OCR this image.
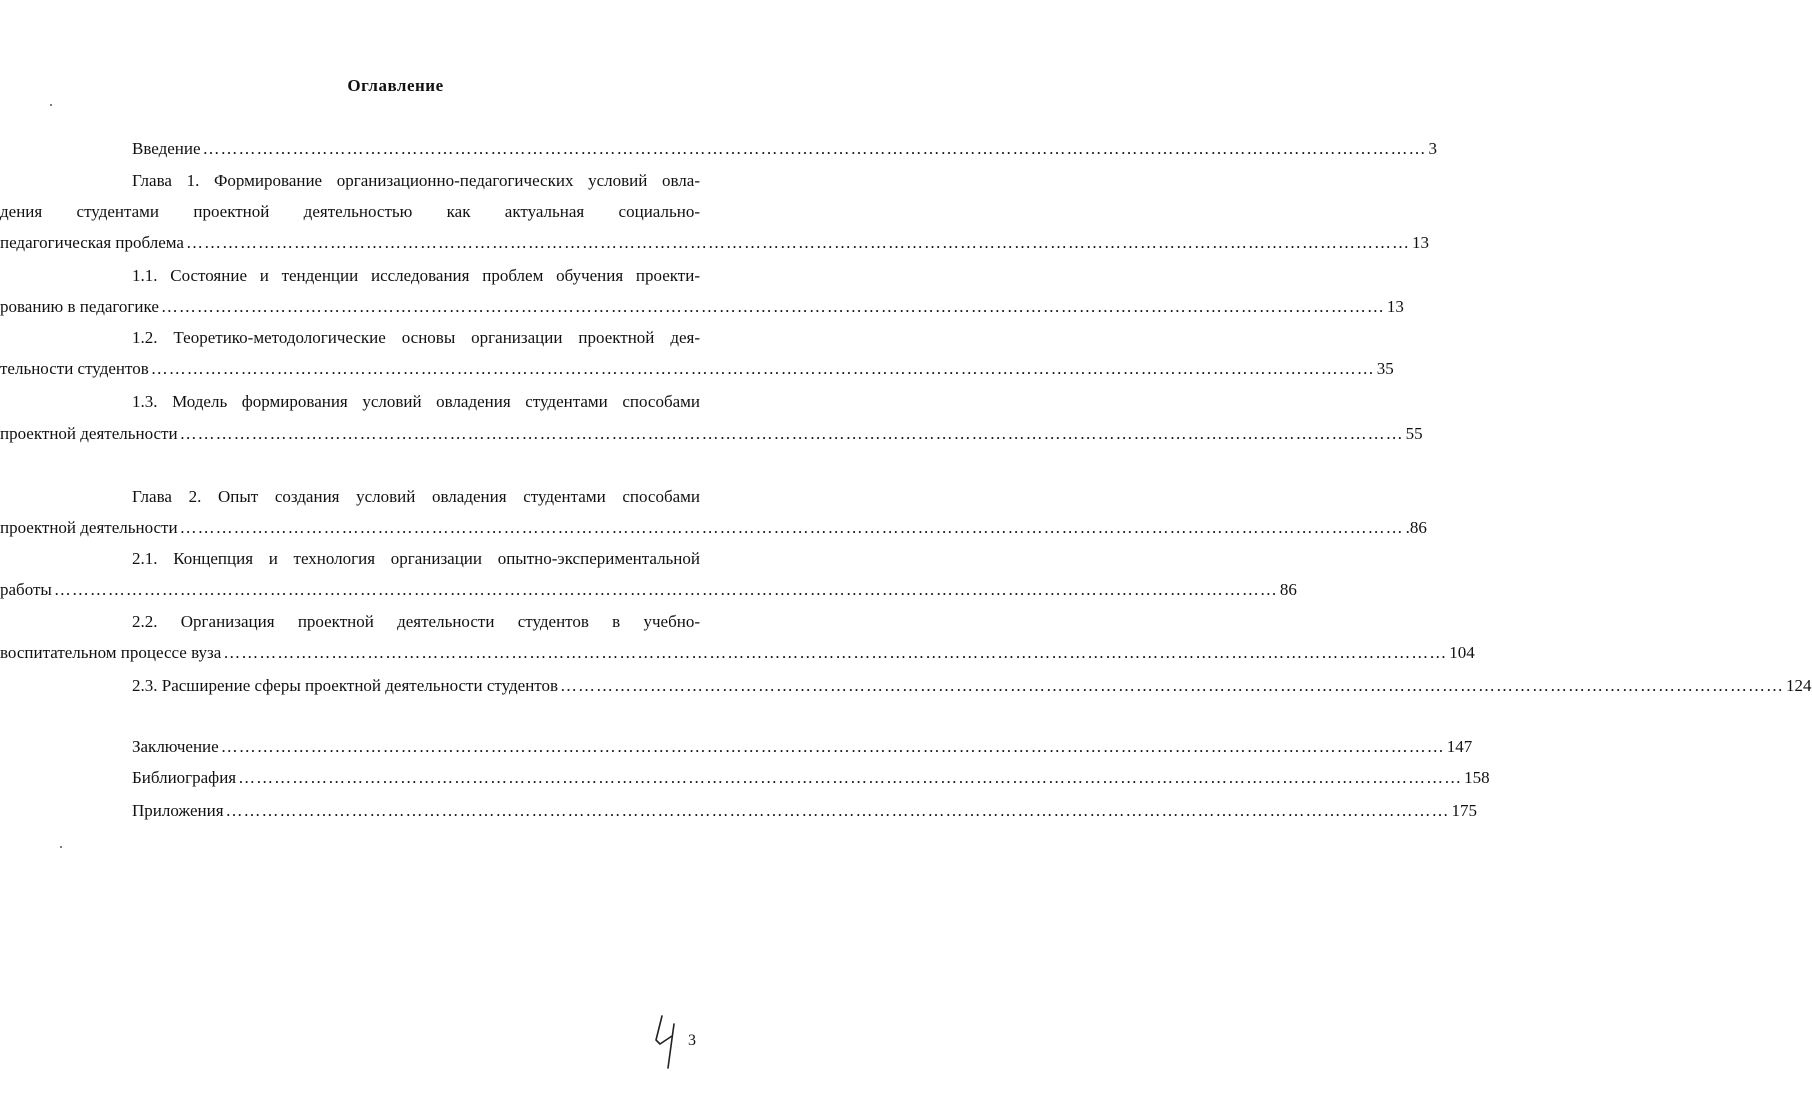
Оглавление
Введение …………………………………………………………………………………………………………………………………………………………………………………… 3
Глава 1. Формирование организационно-педагогических условий овла-
дения студентами проектной деятельностью как актуальная социально-
педагогическая проблема …………………………………………………………………………………………………………………………………………………………………………………… 13
1.1. Состояние и тенденции исследования проблем обучения проекти-
рованию в педагогике …………………………………………………………………………………………………………………………………………………………………………………… 13
1.2. Теоретико-методологические основы организации проектной дея-
тельности студентов …………………………………………………………………………………………………………………………………………………………………………………… 35
1.3. Модель формирования условий овладения студентами способами
проектной деятельности …………………………………………………………………………………………………………………………………………………………………………………… 55
Глава 2. Опыт создания условий овладения студентами способами
проектной деятельности …………………………………………………………………………………………………………………………………………………………………………………… .86
2.1. Концепция и технология организации опытно-экспериментальной
работы …………………………………………………………………………………………………………………………………………………………………………………… 86
2.2. Организация проектной деятельности студентов в учебно-
воспитательном процессе вуза …………………………………………………………………………………………………………………………………………………………………………………… 104
2.3. Расширение сферы проектной деятельности студентов …………………………………………………………………………………………………………………………………………………………………………………… 124
Заключение …………………………………………………………………………………………………………………………………………………………………………………… 147
Библиография …………………………………………………………………………………………………………………………………………………………………………………… 158
Приложения …………………………………………………………………………………………………………………………………………………………………………………… 175
3
